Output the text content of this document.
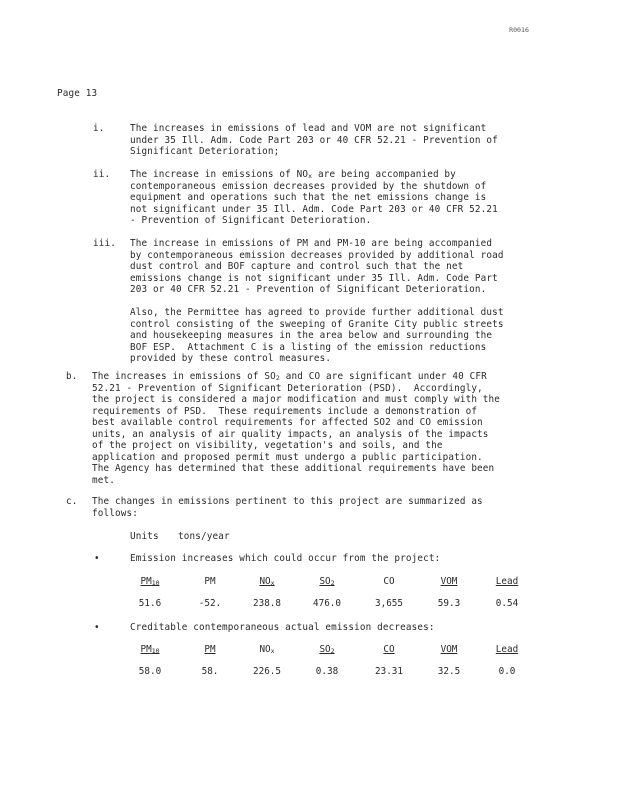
R0016
Page 13
i.	The increases in emissions of lead and VOM are not significant
under 35 Ill. Adm. Code Part 203 or 40 CFR 52.21 - Prevention of
Significant Deterioration;
ii. The increase in emissions of $NO_x$ are being accompanied by
contemporaneous emission decreases provided by the shutdown of
equipment and operations such that the net emissions change is
not significant under 35 Ill. Adm. Code Part 203 or 40 CFR 52.21
- Prevention of Significant Deterioration.
iii. The increase in emissions of PM and PM-10 are being accompanied
by contemporaneous emission decreases provided by additional road
dust control and BOF capture and control such that the net
emissions change is not significant under 35 Ill. Adm. Code Part
203 or 40 CFR 52.21 - Prevention of Significant Deterioration.
Also, the Permittee has agreed to provide further additional dust
control consisting of the sweeping of Granite City public streets
and housekeeping measures in the area below and surrounding the
BOF ESP.  Attachment C is a listing of the emission reductions
provided by these control measures.
b. The increases in emissions of $SO_2$ and CO are significant under 40 CFR
52.21 - Prevention of Significant Deterioration (PSD).  Accordingly,
the project is considered a major modification and must comply with the
requirements of PSD.  These requirements include a demonstration of
best available control requirements for affected SO2 and CO emission
units, an analysis of air quality impacts, an analysis of the impacts
of the project on visibility, vegetation's and soils, and the
application and proposed permit must undergo a public participation.
The Agency has determined that these additional requirements have been
met.
c. The changes in emissions pertinent to this project are summarized as
follows:
Units tons/year
•	Emission increases which could occur from the project:
$PM_{10}$	PM	$NO_x$	$SO_2$	CO	VOM	Lead
51.6	-52.	238.8	476.0	3,655	59.3	0.54
•	Creditable contemporaneous actual emission decreases:
$PM_{10}$	PM	$NO_x$	$SO_2$	CO	VOM	Lead
58.0	58.	226.5	0.38	23.31	32.5	0.0
